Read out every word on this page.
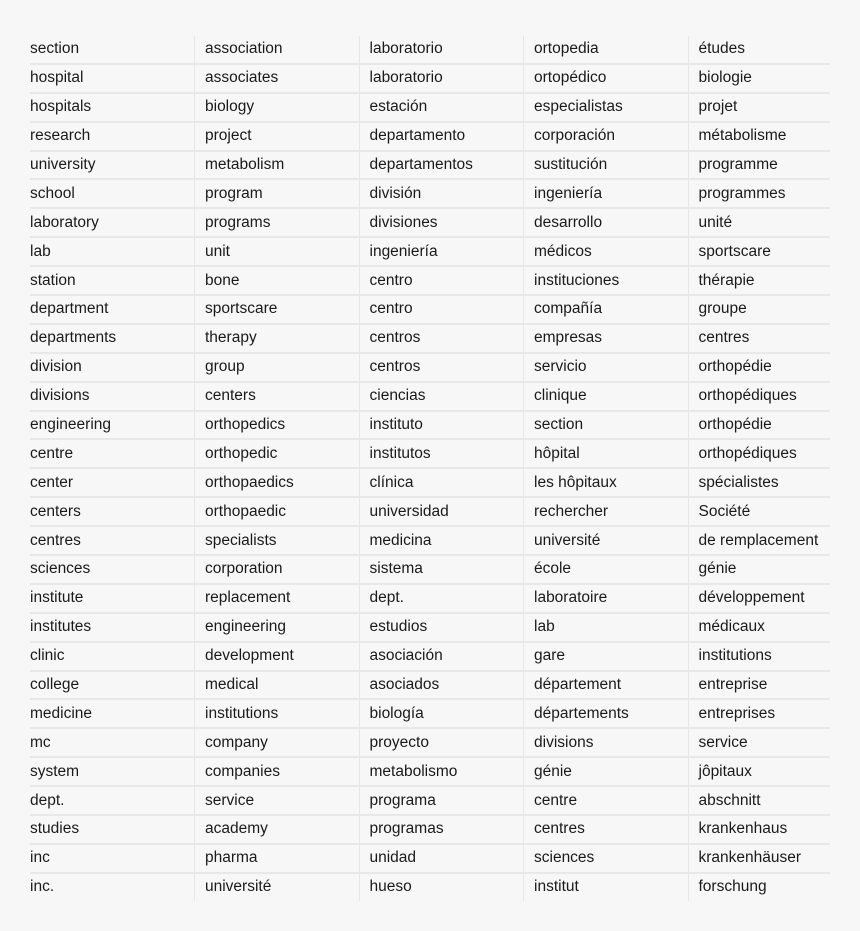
section	association	laboratorio	ortopedia	études
hospital	associates	laboratorio	ortopédico	biologie
hospitals	biology	estación	especialistas	projet
research	project	departamento	corporación	métabolisme
university	metabolism	departamentos	sustitución	programme
school	program	división	ingeniería	programmes
laboratory	programs	divisiones	desarrollo	unité
lab	unit	ingeniería	médicos	sportscare
station	bone	centro	instituciones	thérapie
department	sportscare	centro	compañía	groupe
departments	therapy	centros	empresas	centres
division	group	centros	servicio	orthopédie
divisions	centers	ciencias	clinique	orthopédiques
engineering	orthopedics	instituto	section	orthopédie
centre	orthopedic	institutos	hôpital	orthopédiques
center	orthopaedics	clínica	les hôpitaux	spécialistes
centers	orthopaedic	universidad	rechercher	Société
centres	specialists	medicina	université	de remplacement
sciences	corporation	sistema	école	génie
institute	replacement	dept.	laboratoire	développement
institutes	engineering	estudios	lab	médicaux
clinic	development	asociación	gare	institutions
college	medical	asociados	département	entreprise
medicine	institutions	biología	départements	entreprises
mc	company	proyecto	divisions	service
system	companies	metabolismo	génie	jôpitaux
dept.	service	programa	centre	abschnitt
studies	academy	programas	centres	krankenhaus
inc	pharma	unidad	sciences	krankenhäuser
inc.	université	hueso	institut	forschung
